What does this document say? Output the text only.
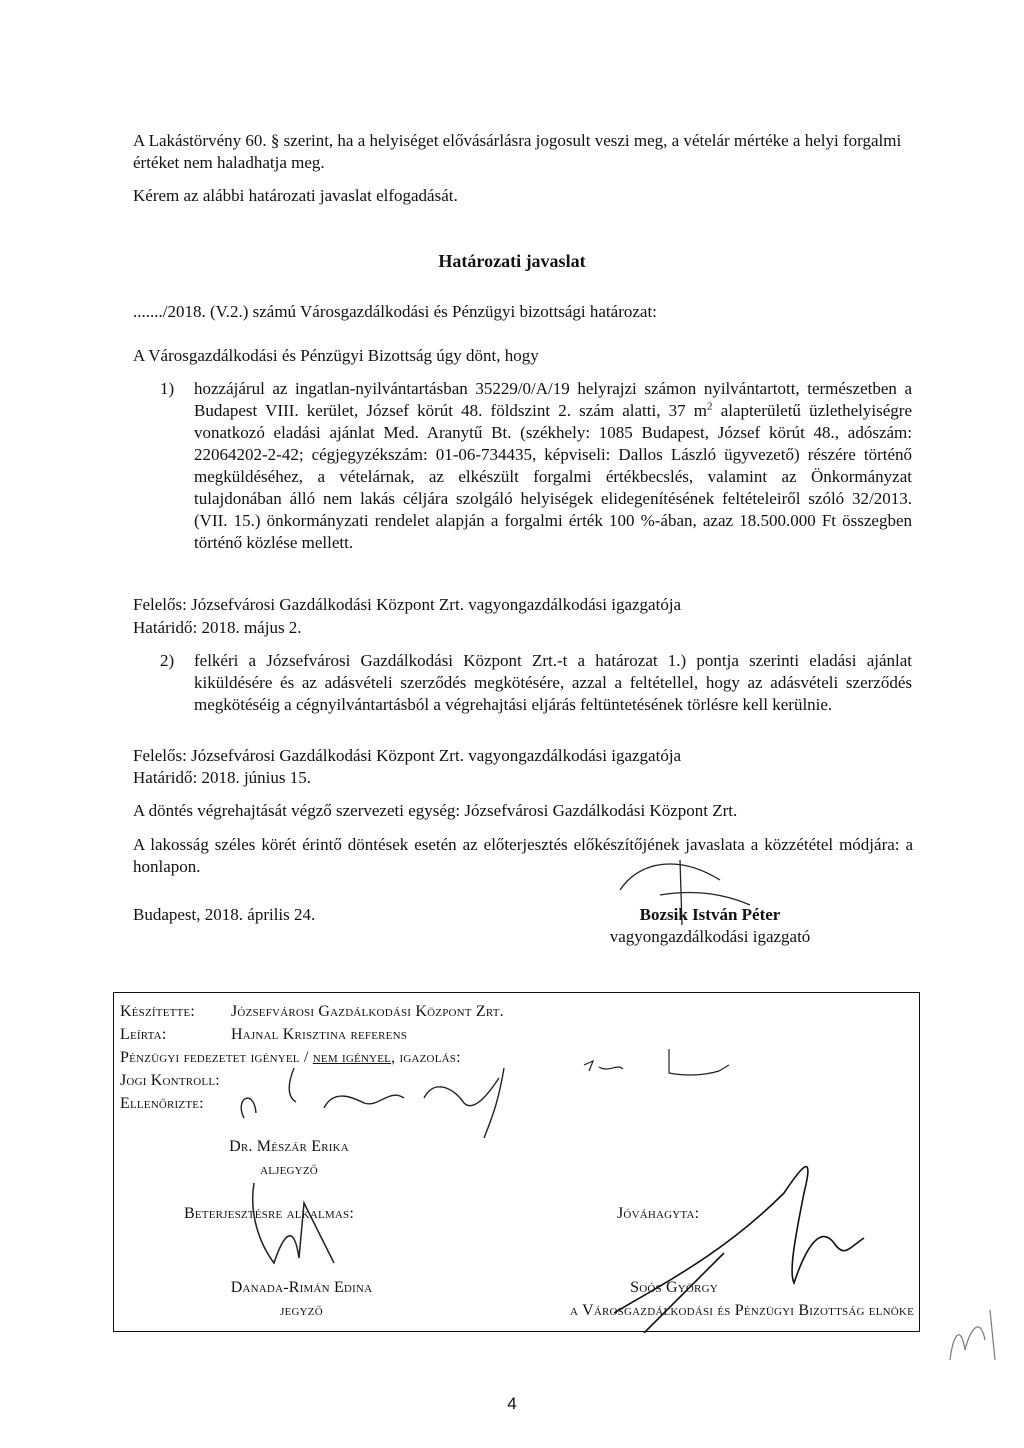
A Lakástörvény 60. § szerint, ha a helyiséget elővásárlásra jogosult veszi meg, a vételár mértéke a helyi forgalmi értéket nem haladhatja meg.
Kérem az alábbi határozati javaslat elfogadását.
Határozati javaslat
......./2018. (V.2.) számú Városgazdálkodási és Pénzügyi bizottsági határozat:
A Városgazdálkodási és Pénzügyi Bizottság úgy dönt, hogy
1) hozzájárul az ingatlan-nyilvántartásban 35229/0/A/19 helyrajzi számon nyilvántartott, természetben a Budapest VIII. kerület, József körút 48. földszint 2. szám alatti, 37 $m^2$ alapterületű üzlethelyiségre vonatkozó eladási ajánlat Med. Aranytű Bt. (székhely: 1085 Budapest, József körút 48., adószám: 22064202-2-42; cégjegyzékszám: 01-06-734435, képviseli: Dallos László ügyvezető) részére történő megküldéséhez, a vételárnak, az elkészült forgalmi értékbecslés, valamint az Önkormányzat tulajdonában álló nem lakás céljára szolgáló helyiségek elidegenítésének feltételeiről szóló 32/2013. (VII. 15.) önkormányzati rendelet alapján a forgalmi érték 100 %-ában, azaz 18.500.000 Ft összegben történő közlése mellett.
Felelős: Józsefvárosi Gazdálkodási Központ Zrt. vagyongazdálkodási igazgatója
Határidő: 2018. május 2.
2) felkéri a Józsefvárosi Gazdálkodási Központ Zrt.-t a határozat 1.) pontja szerinti eladási ajánlat kiküldésére és az adásvételi szerződés megkötésére, azzal a feltétellel, hogy az adásvételi szerződés megkötéséig a cégnyilvántartásból a végrehajtási eljárás feltüntetésének törlésre kell kerülnie.
Felelős: Józsefvárosi Gazdálkodási Központ Zrt. vagyongazdálkodási igazgatója
Határidő: 2018. június 15.
A döntés végrehajtását végző szervezeti egység: Józsefvárosi Gazdálkodási Központ Zrt.
A lakosság széles körét érintő döntések esetén az előterjesztés előkészítőjének javaslata a közzététel módjára: a honlapon.
Budapest, 2018. április 24.	Bozsik István Péter
vagyongazdálkodási igazgató
Készítette: Józsefvárosi Gazdálkodási Központ Zrt.
Leírta:	Hajnal Krisztina referens
Pénzügyi fedezetet igényel / nem igényel, igazolás:
Jogi Kontroll:
Ellenőrizte:
Dr. Mészár Erika
aljegyző
Beterjesztésre alkalmas:
Danada-Rimán Edina
jegyző
Jóváhagyta:
Soós György
a Városgazdálkodási és Pénzügyi Bizottság elnöke
4
